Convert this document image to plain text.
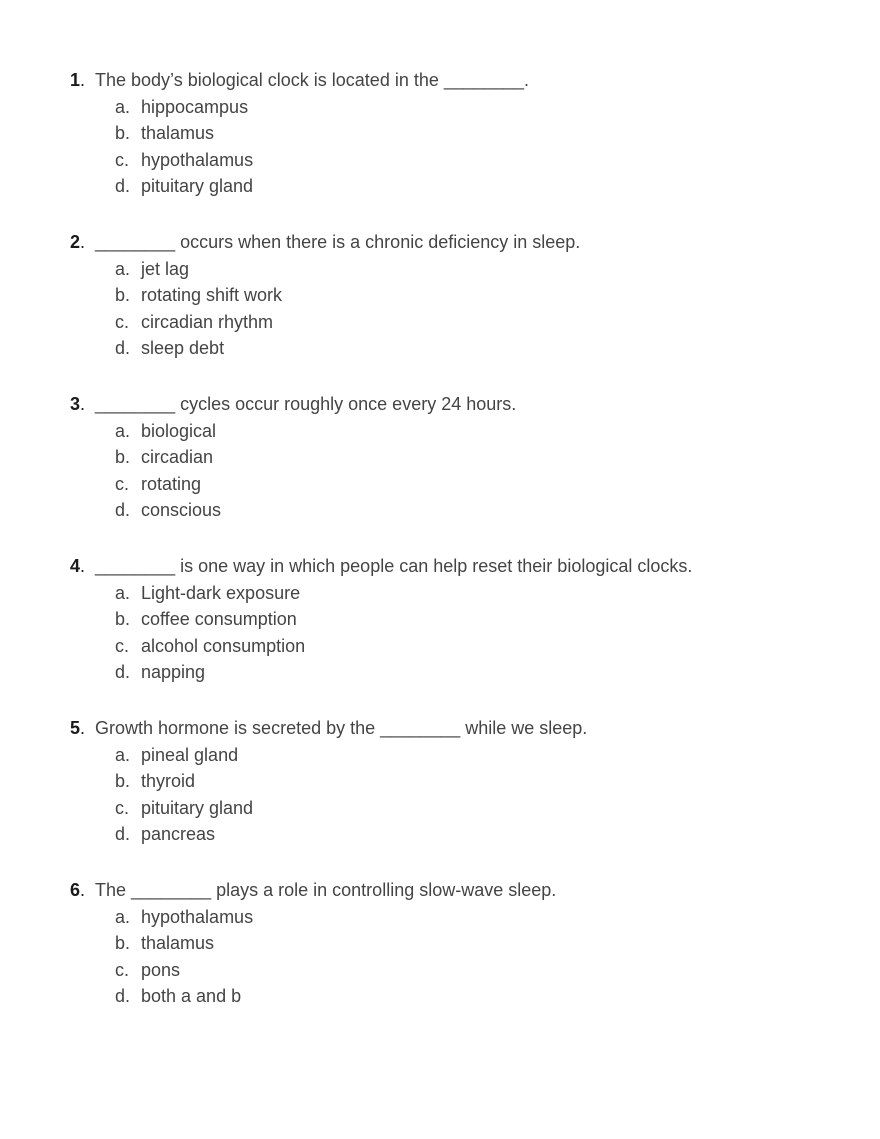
1. The body’s biological clock is located in the ________.
a. hippocampus
b. thalamus
c. hypothalamus
d. pituitary gland
2. ________ occurs when there is a chronic deficiency in sleep.
a. jet lag
b. rotating shift work
c. circadian rhythm
d. sleep debt
3. ________ cycles occur roughly once every 24 hours.
a. biological
b. circadian
c. rotating
d. conscious
4. ________ is one way in which people can help reset their biological clocks.
a. Light-dark exposure
b. coffee consumption
c. alcohol consumption
d. napping
5. Growth hormone is secreted by the ________ while we sleep.
a. pineal gland
b. thyroid
c. pituitary gland
d. pancreas
6. The ________ plays a role in controlling slow-wave sleep.
a. hypothalamus
b. thalamus
c. pons
d. both a and b
